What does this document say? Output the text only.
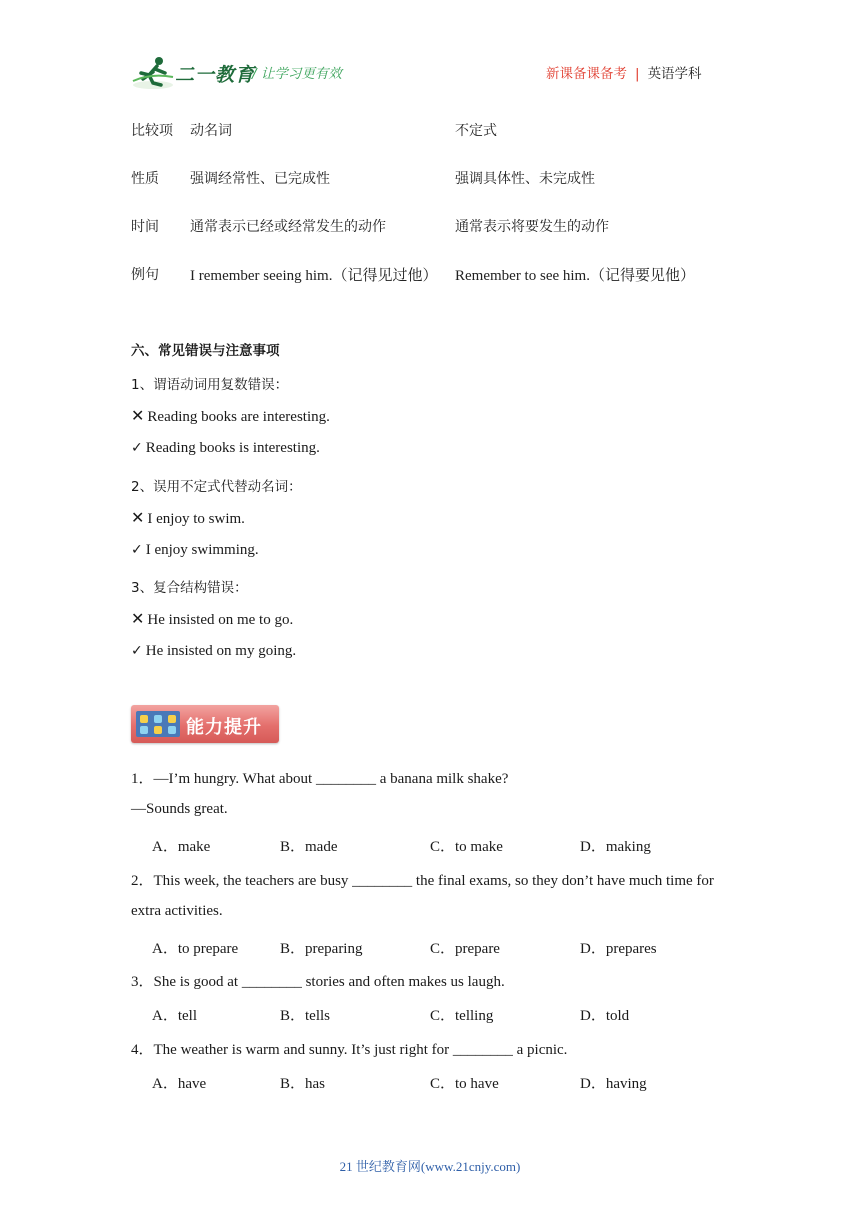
二一教育
/ 让学习更有效	新课备课备考 | 英语学科
比较项 动名词	不定式
性质 强调经常性、已完成性	强调具体性、未完成性
时间 通常表示已经或经常发生的动作	通常表示将要发生的动作
例句 I remember seeing him.（记得见过他） Remember to see him.（记得要见他）
六、常见错误与注意事项
1、谓语动词用复数错误：
✕ Reading books are interesting.
✓ Reading books is interesting.
2、误用不定式代替动名词：
✕ I enjoy to swim.
✓ I enjoy swimming.
3、复合结构错误：
✕ He insisted on me to go.
✓ He insisted on my going.
能力提升
1．—I’m hungry. What about ________ a banana milk shake?
—Sounds great.
A．make	B．made	C．to make	D．making
2．This week, the teachers are busy ________ the final exams, so they don’t have much time for
extra activities.
A．to prepare	B．preparing	C．prepare	D．prepares
3．She is good at ________ stories and often makes us laugh.
A．tell	B．tells	C．telling	D．told
4．The weather is warm and sunny. It’s just right for ________ a picnic.
A．have	B．has	C．to have	D．having
21 世纪教育网(www.21cnjy.com)
